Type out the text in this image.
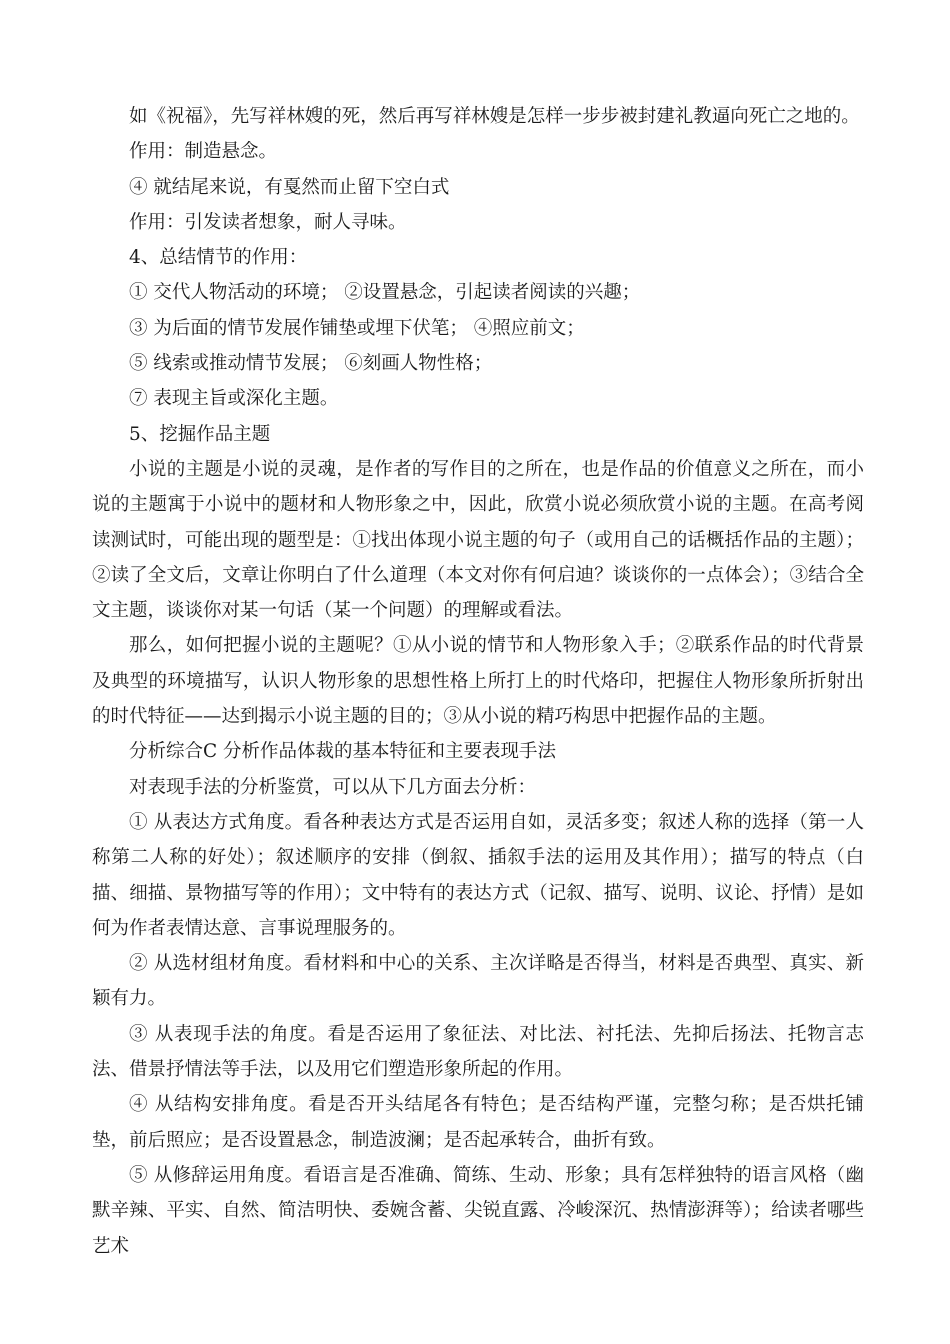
如《祝福》，先写祥林嫂的死，然后再写祥林嫂是怎样一步步被封建礼教逼向死亡之地的。

作用：制造悬念。

④ 就结尾来说，有戛然而止留下空白式

作用：引发读者想象，耐人寻味。

4、总结情节的作用：

① 交代人物活动的环境； ②设置悬念，引起读者阅读的兴趣；

③ 为后面的情节发展作铺垫或埋下伏笔； ④照应前文；

⑤ 线索或推动情节发展； ⑥刻画人物性格；

⑦ 表现主旨或深化主题。

5、挖掘作品主题

小说的主题是小说的灵魂，是作者的写作目的之所在，也是作品的价值意义之所在，而小说的主题寓于小说中的题材和人物形象之中，因此，欣赏小说必须欣赏小说的主题。在高考阅读测试时，可能出现的题型是：①找出体现小说主题的句子（或用自己的话概括作品的主题）；②读了全文后，文章让你明白了什么道理（本文对你有何启迪？谈谈你的一点体会）；③结合全文主题，谈谈你对某一句话（某一个问题）的理解或看法。

那么，如何把握小说的主题呢？①从小说的情节和人物形象入手；②联系作品的时代背景及典型的环境描写，认识人物形象的思想性格上所打上的时代烙印，把握住人物形象所折射出的时代特征——达到揭示小说主题的目的；③从小说的精巧构思中把握作品的主题。

分析综合C 分析作品体裁的基本特征和主要表现手法

对表现手法的分析鉴赏，可以从下几方面去分析：

① 从表达方式角度。看各种表达方式是否运用自如，灵活多变；叙述人称的选择（第一人称第二人称的好处）；叙述顺序的安排（倒叙、插叙手法的运用及其作用）；描写的特点（白描、细描、景物描写等的作用）；文中特有的表达方式（记叙、描写、说明、议论、抒情）是如何为作者表情达意、言事说理服务的。

② 从选材组材角度。看材料和中心的关系、主次详略是否得当，材料是否典型、真实、新颖有力。

③ 从表现手法的角度。看是否运用了象征法、对比法、衬托法、先抑后扬法、托物言志法、借景抒情法等手法，以及用它们塑造形象所起的作用。

④ 从结构安排角度。看是否开头结尾各有特色；是否结构严谨，完整匀称；是否烘托铺垫，前后照应；是否设置悬念，制造波澜；是否起承转合，曲折有致。

⑤ 从修辞运用角度。看语言是否准确、简练、生动、形象；具有怎样独特的语言风格（幽默辛辣、平实、自然、简洁明快、委婉含蓄、尖锐直露、冷峻深沉、热情澎湃等）；给读者哪些艺术
